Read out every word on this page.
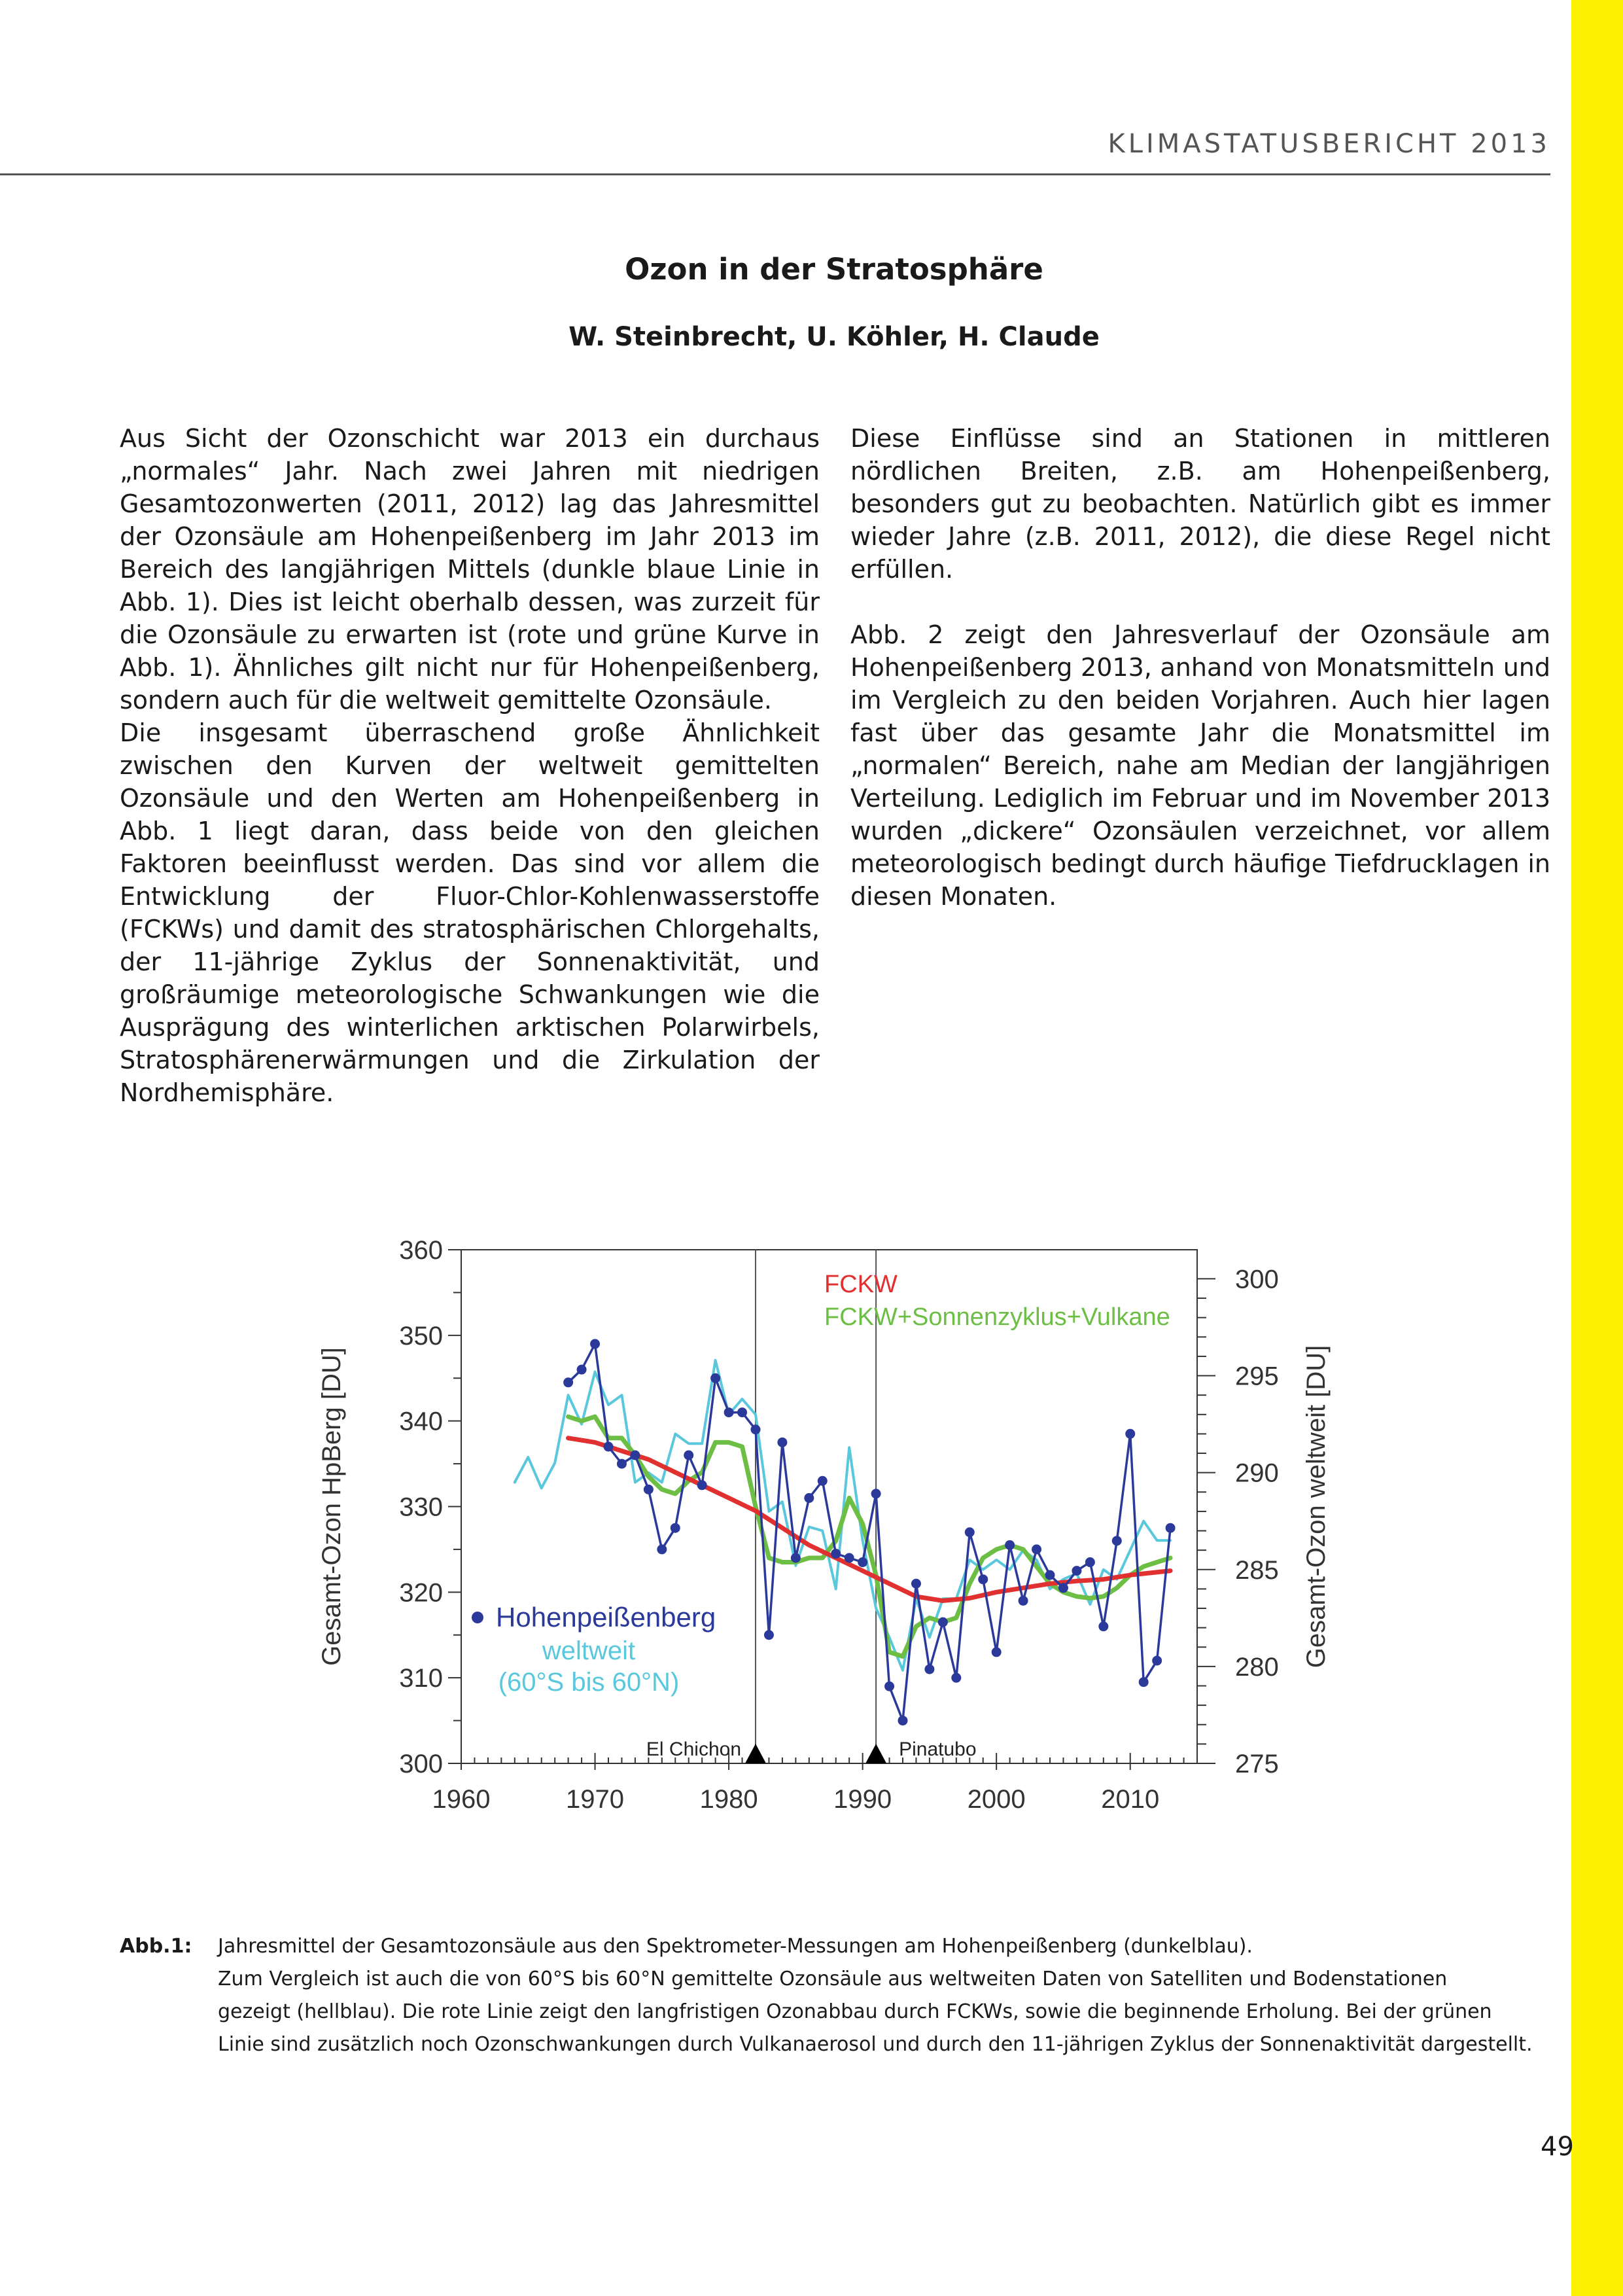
KLIMASTATUSBERICHT 2013
Ozon in der Stratosphäre
W. Steinbrecht, U. Köhler, H. Claude

Aus Sicht der Ozonschicht war 2013 ein durchaus „normales“ Jahr. Nach zwei Jahren mit niedrigen Gesamtozonwerten (2011, 2012) lag das Jahresmittel der Ozonsäule am Hohenpeißenberg im Jahr 2013 im Bereich des langjährigen Mittels (dunkle blaue Linie in Abb. 1). Dies ist leicht oberhalb dessen, was zurzeit für die Ozonsäule zu erwarten ist (rote und grüne Kurve in Abb. 1). Ähnliches gilt nicht nur für Hohenpeißenberg, sondern auch für die weltweit gemittelte Ozonsäule.

Die insgesamt überraschend große Ähnlichkeit zwischen den Kurven der weltweit gemittelten Ozonsäule und den Werten am Hohenpeißenberg in Abb. 1 liegt daran, dass beide von den gleichen Faktoren beeinflusst werden. Das sind vor allem die Entwicklung der Fluor-Chlor-Kohlenwasserstoffe (FCKWs) und damit des stratosphärischen Chlorgehalts, der 11-jährige Zyklus der Sonnenaktivität, und großräumige meteorologische Schwankungen wie die Ausprägung des winterlichen arktischen Polarwirbels, Stratosphärenerwärmungen und die Zirkulation der Nordhemisphäre.

Diese Einflüsse sind an Stationen in mittleren nördlichen Breiten, z.B. am Hohenpeißenberg, besonders gut zu beobachten. Natürlich gibt es immer wieder Jahre (z.B. 2011, 2012), die diese Regel nicht erfüllen.

Abb. 2 zeigt den Jahresverlauf der Ozonsäule am Hohenpeißenberg 2013, anhand von Monatsmitteln und im Vergleich zu den beiden Vorjahren. Auch hier lagen fast über das gesamte Jahr die Monatsmittel im „normalen“ Bereich, nahe am Median der langjährigen Verteilung. Lediglich im Februar und im November 2013 wurden „dickere“ Ozonsäulen verzeichnet, vor allem meteorologisch bedingt durch häufige Tiefdrucklagen in diesen Monaten.

1960	1970	1980	1990	2000	2010
300
310
320
330
340
350
360
275
280
285
290
295
300
Gesamt-Ozon HpBerg [DU]	Gesamt-Ozon weltweit [DU]
El Chichon	Pinatubo
FCKW
FCKW+Sonnenzyklus+Vulkane
Hohenpeißenberg
weltweit
(60°S bis 60°N)
Abb.1: Jahresmittel der Gesamtozonsäule aus den Spektrometer-Messungen am Hohenpeißenberg (dunkelblau).
Zum Vergleich ist auch die von 60°S bis 60°N gemittelte Ozonsäule aus weltweiten Daten von Satelliten und Bodenstationen
gezeigt (hellblau). Die rote Linie zeigt den langfristigen Ozonabbau durch FCKWs, sowie die beginnende Erholung. Bei der grünen
Linie sind zusätzlich noch Ozonschwankungen durch Vulkanaerosol und durch den 11-jährigen Zyklus der Sonnenaktivität dargestellt.
49
